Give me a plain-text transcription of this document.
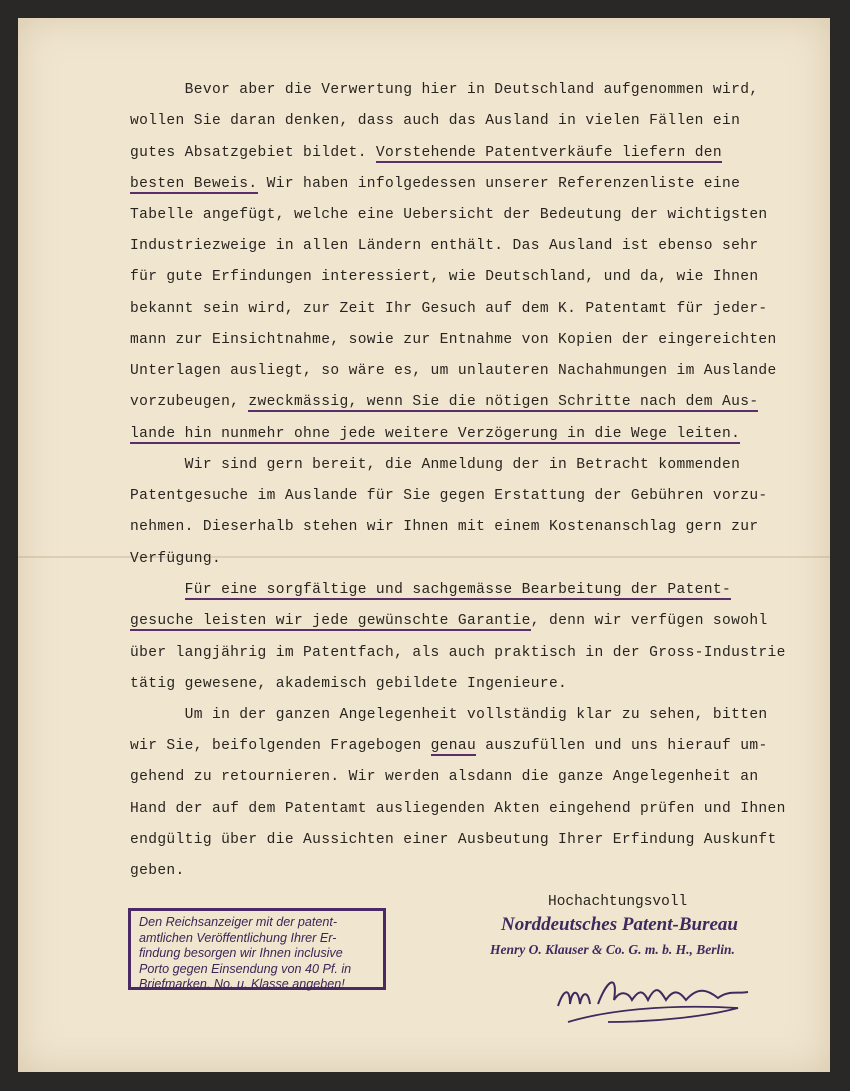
Bevor aber die Verwertung hier in Deutschland aufgenommen wird,
wollen Sie daran denken, dass auch das Ausland in vielen Fällen ein
gutes Absatzgebiet bildet. Vorstehende Patentverkäufe liefern den
besten Beweis. Wir haben infolgedessen unserer Referenzenliste eine
Tabelle angefügt, welche eine Uebersicht der Bedeutung der wichtigsten
Industriezweige in allen Ländern enthält. Das Ausland ist ebenso sehr
für gute Erfindungen interessiert, wie Deutschland, und da, wie Ihnen
bekannt sein wird, zur Zeit Ihr Gesuch auf dem K. Patentamt für jeder-
mann zur Einsichtnahme, sowie zur Entnahme von Kopien der eingereichten
Unterlagen ausliegt, so wäre es, um unlauteren Nachahmungen im Auslande
vorzubeugen, zweckmässig, wenn Sie die nötigen Schritte nach dem Aus-
lande hin nunmehr ohne jede weitere Verzögerung in die Wege leiten.
Wir sind gern bereit, die Anmeldung der in Betracht kommenden
Patentgesuche im Auslande für Sie gegen Erstattung der Gebühren vorzu-
nehmen. Dieserhalb stehen wir Ihnen mit einem Kostenanschlag gern zur
Verfügung.
Für eine sorgfältige und sachgemässe Bearbeitung der Patent-
gesuche leisten wir jede gewünschte Garantie, denn wir verfügen sowohl
über langjährig im Patentfach, als auch praktisch in der Gross-Industrie
tätig gewesene, akademisch gebildete Ingenieure.
Um in der ganzen Angelegenheit vollständig klar zu sehen, bitten
wir Sie, beifolgenden Fragebogen genau auszufüllen und uns hierauf um-
gehend zu retournieren. Wir werden alsdann die ganze Angelegenheit an
Hand der auf dem Patentamt ausliegenden Akten eingehend prüfen und Ihnen
endgültig über die Aussichten einer Ausbeutung Ihrer Erfindung Auskunft
geben.
Hochachtungsvoll
Norddeutsches Patent-Bureau
Henry O. Klauser & Co. G. m. b. H., Berlin.
Den Reichsanzeiger mit der patent-
amtlichen Veröffentlichung Ihrer Er-
findung besorgen wir Ihnen inclusive
Porto gegen Einsendung von 40 Pf. in
Briefmarken. No. u. Klasse angeben!
